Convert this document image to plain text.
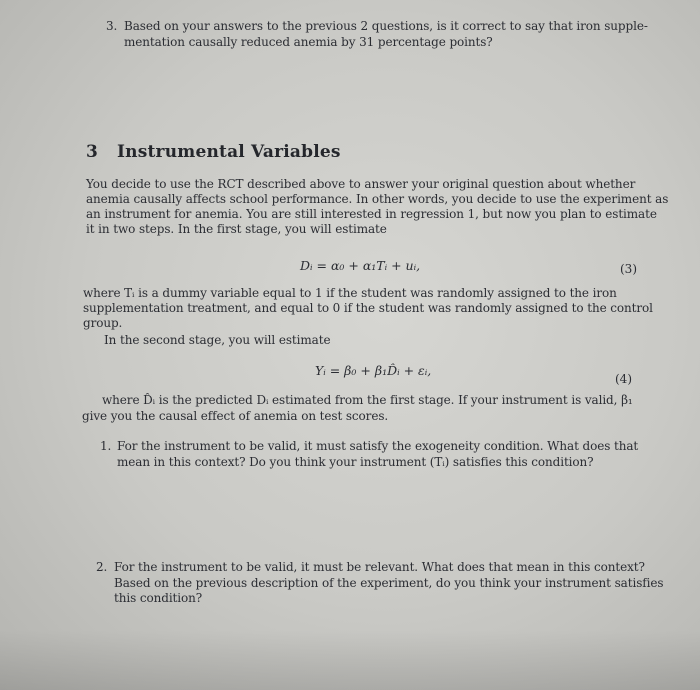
3. Based on your answers to the previous 2 questions, is it correct to say that iron supple-
mentation causally reduced anemia by 31 percentage points?
3 Instrumental Variables
You decide to use the RCT described above to answer your original question about whether
anemia causally affects school performance. In other words, you decide to use the experiment as
an instrument for anemia. You are still interested in regression 1, but now you plan to estimate
it in two steps. In the first stage, you will estimate
Dᵢ = α₀ + α₁Tᵢ + uᵢ,	(3)
where Tᵢ is a dummy variable equal to 1 if the student was randomly assigned to the iron
supplementation treatment, and equal to 0 if the student was randomly assigned to the control
group.
In the second stage, you will estimate
Yᵢ = β₀ + β₁D̂ᵢ + εᵢ,
(4)
where D̂ᵢ is the predicted Dᵢ estimated from the first stage. If your instrument is valid, β₁
give you the causal effect of anemia on test scores.
1. For the instrument to be valid, it must satisfy the exogeneity condition. What does that
mean in this context? Do you think your instrument (Tᵢ) satisfies this condition?
2. For the instrument to be valid, it must be relevant. What does that mean in this context?
Based on the previous description of the experiment, do you think your instrument satisfies
this condition?
